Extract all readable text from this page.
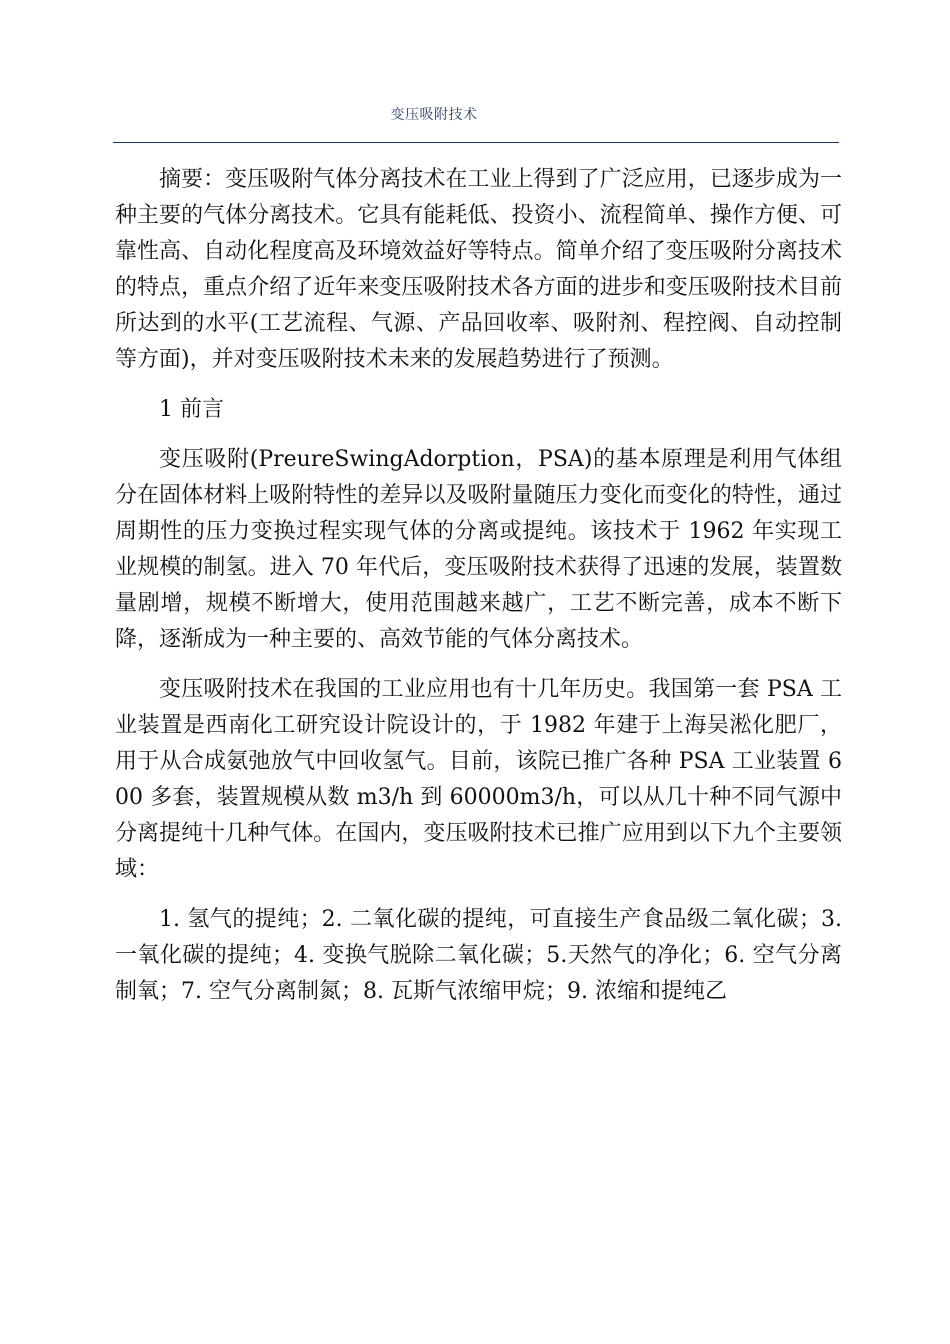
变压吸附技术

摘要：变压吸附气体分离技术在工业上得到了广泛应用，已逐步成为一种主要的气体分离技术。它具有能耗低、投资小、流程简单、操作方便、可靠性高、自动化程度高及环境效益好等特点。简单介绍了变压吸附分离技术的特点，重点介绍了近年来变压吸附技术各方面的进步和变压吸附技术目前所达到的水平(工艺流程、气源、产品回收率、吸附剂、程控阀、自动控制等方面)，并对变压吸附技术未来的发展趋势进行了预测。

1 前言

变压吸附(PreureSwingAdorption，PSA)的基本原理是利用气体组分在固体材料上吸附特性的差异以及吸附量随压力变化而变化的特性，通过周期性的压力变换过程实现气体的分离或提纯。该技术于 1962 年实现工业规模的制氢。进入 70 年代后，变压吸附技术获得了迅速的发展，装置数量剧增，规模不断增大，使用范围越来越广，工艺不断完善，成本不断下降，逐渐成为一种主要的、高效节能的气体分离技术。

变压吸附技术在我国的工业应用也有十几年历史。我国第一套 PSA 工业装置是西南化工研究设计院设计的，于 1982 年建于上海吴淞化肥厂，用于从合成氨弛放气中回收氢气。目前，该院已推广各种 PSA 工业装置 600 多套，装置规模从数 m3/h 到 60000m3/h，可以从几十种不同气源中分离提纯十几种气体。在国内，变压吸附技术已推广应用到以下九个主要领域：

1. 氢气的提纯；2. 二氧化碳的提纯，可直接生产食品级二氧化碳；3. 一氧化碳的提纯；4. 变换气脱除二氧化碳；5.天然气的净化；6. 空气分离制氧；7. 空气分离制氮；8. 瓦斯气浓缩甲烷；9. 浓缩和提纯乙
